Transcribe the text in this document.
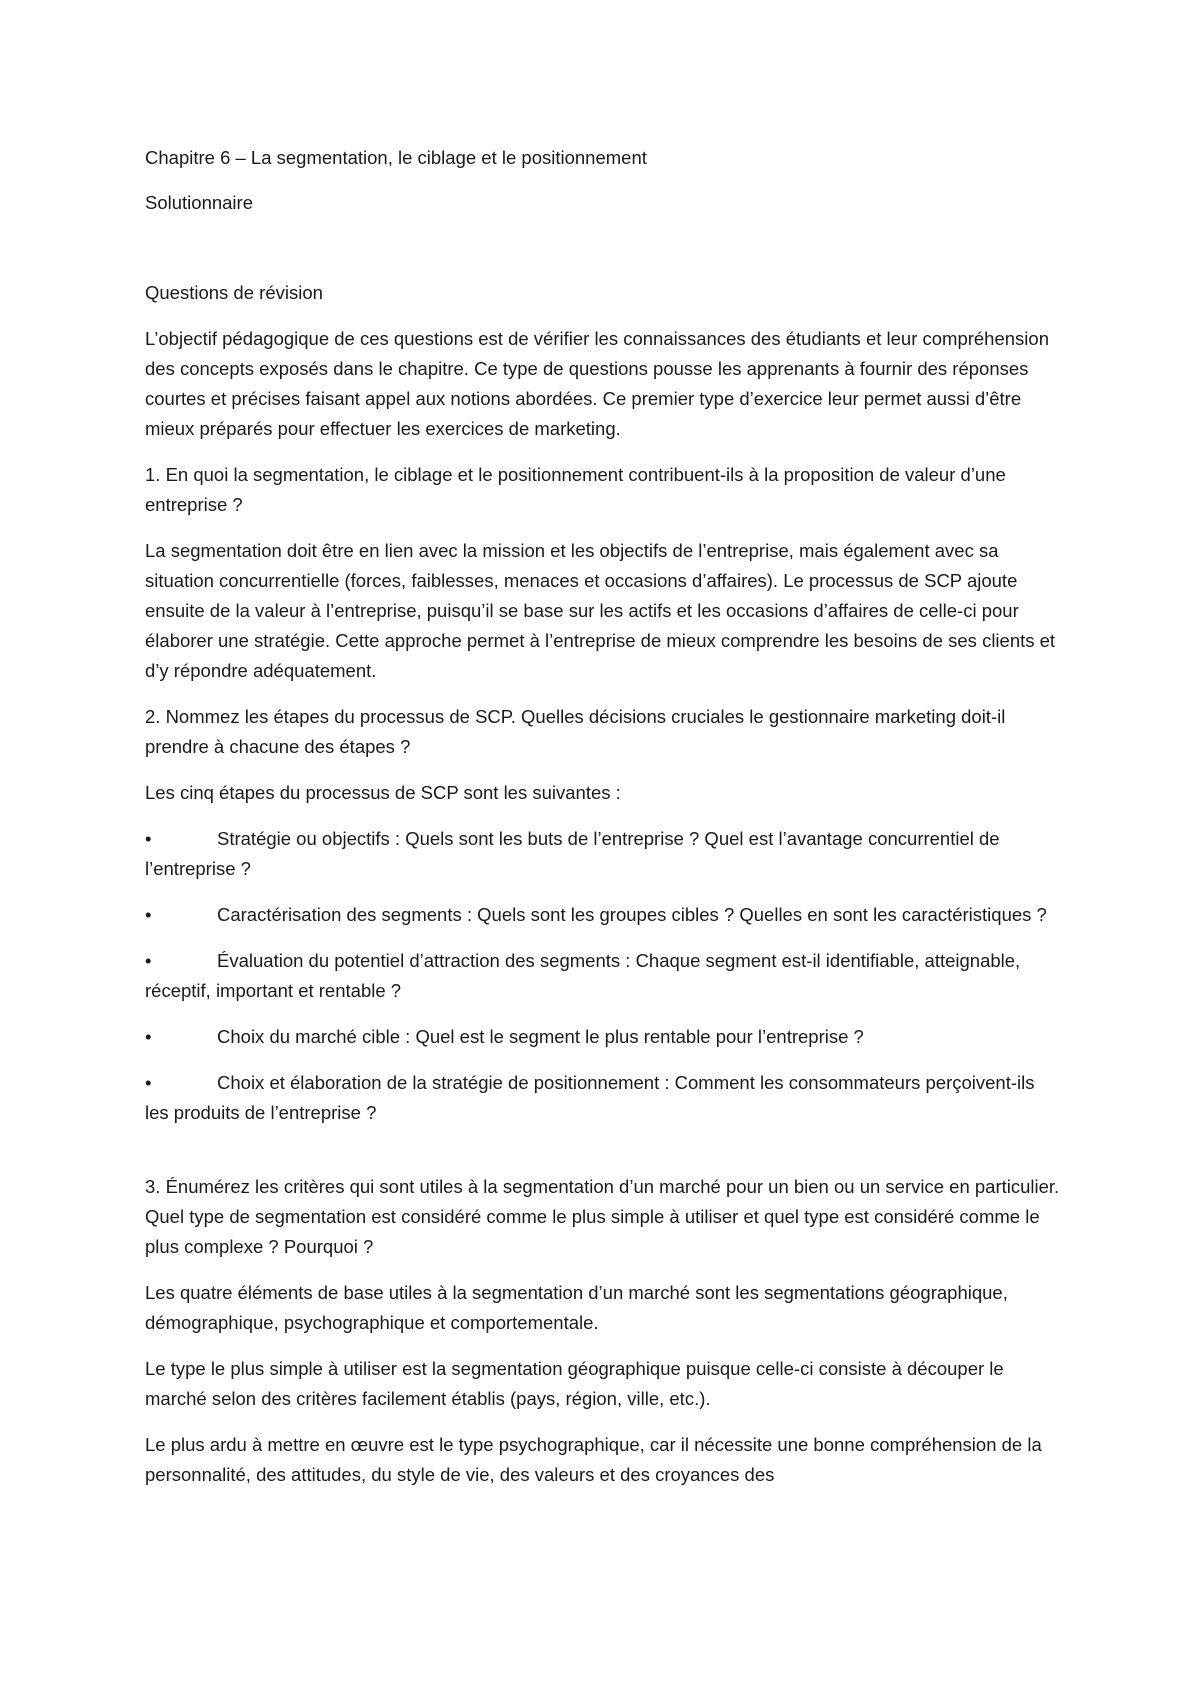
Chapitre 6 – La segmentation, le ciblage et le positionnement

Solutionnaire

Questions de révision

L’objectif pédagogique de ces questions est de vérifier les connaissances des étudiants et leur compréhension des concepts exposés dans le chapitre. Ce type de questions pousse les apprenants à fournir des réponses courtes et précises faisant appel aux notions abordées. Ce premier type d’exercice leur permet aussi d’être mieux préparés pour effectuer les exercices de marketing.

1. En quoi la segmentation, le ciblage et le positionnement contribuent-ils à la proposition de valeur d’une entreprise ?

La segmentation doit être en lien avec la mission et les objectifs de l’entreprise, mais également avec sa situation concurrentielle (forces, faiblesses, menaces et occasions d’affaires). Le processus de SCP ajoute ensuite de la valeur à l’entreprise, puisqu’il se base sur les actifs et les occasions d’affaires de celle-ci pour élaborer une stratégie. Cette approche permet à l’entreprise de mieux comprendre les besoins de ses clients et d’y répondre adéquatement.

2. Nommez les étapes du processus de SCP. Quelles décisions cruciales le gestionnaire marketing doit-il prendre à chacune des étapes ?

Les cinq étapes du processus de SCP sont les suivantes :

•	Stratégie ou objectifs : Quels sont les buts de l’entreprise ? Quel est l’avantage concurrentiel de l’entreprise ?

•	Caractérisation des segments : Quels sont les groupes cibles ? Quelles en sont les caractéristiques ?

•	Évaluation du potentiel d’attraction des segments : Chaque segment est-il identifiable, atteignable, réceptif, important et rentable ?

•	Choix du marché cible : Quel est le segment le plus rentable pour l’entreprise ?

•	Choix et élaboration de la stratégie de positionnement : Comment les consommateurs perçoivent-ils les produits de l’entreprise ?

3. Énumérez les critères qui sont utiles à la segmentation d’un marché pour un bien ou un service en particulier. Quel type de segmentation est considéré comme le plus simple à utiliser et quel type est considéré comme le plus complexe ? Pourquoi ?

Les quatre éléments de base utiles à la segmentation d’un marché sont les segmentations géographique, démographique, psychographique et comportementale.

Le type le plus simple à utiliser est la segmentation géographique puisque celle-ci consiste à découper le marché selon des critères facilement établis (pays, région, ville, etc.).

Le plus ardu à mettre en œuvre est le type psychographique, car il nécessite une bonne compréhension de la personnalité, des attitudes, du style de vie, des valeurs et des croyances des
